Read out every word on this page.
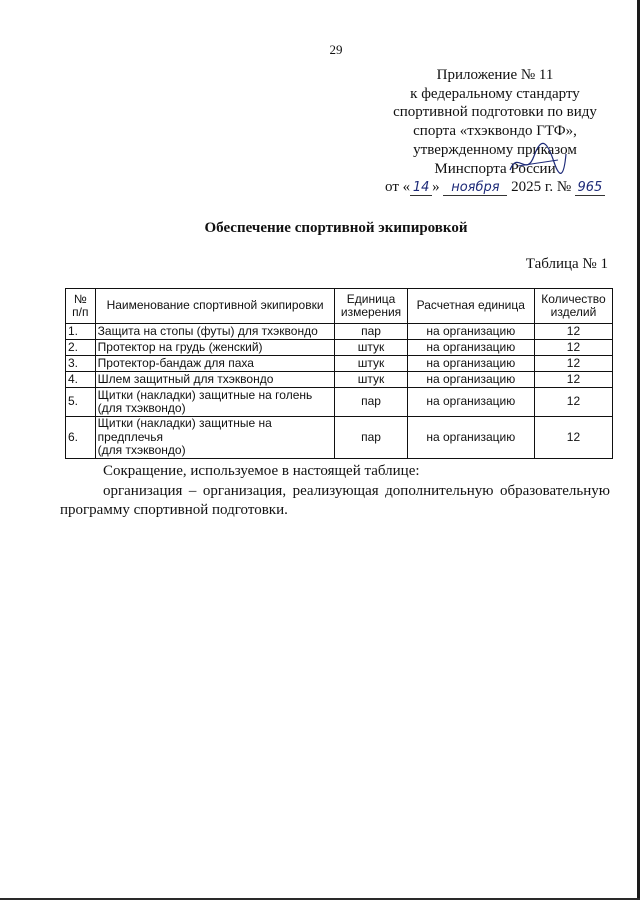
29
Приложение № 11
к федеральному стандарту
спортивной подготовки по виду
спорта «тхэквондо ГТФ»,
утвержденному приказом
Минспорта России
от « 14 » ноября 2025 г. № 965
Обеспечение спортивной экипировкой
Таблица № 1
№ п/п	Наименование спортивной экипировки	Единица измерения	Расчетная единица	Количество изделий
1.	Защита на стопы (футы) для тхэквондо	пар	на организацию	12
2.	Протектор на грудь (женский)	штук	на организацию	12
3.	Протектор-бандаж для паха	штук	на организацию	12
4.	Шлем защитный для тхэквондо	штук	на организацию	12
5.	Щитки (накладки) защитные на голень
(для тхэквондо)	пар	на организацию	12
6.	Щитки (накладки) защитные на предплечья
(для тхэквондо)	пар	на организацию	12

Сокращение, используемое в настоящей таблице:

организация – организация, реализующая дополнительную образовательную программу спортивной подготовки.
